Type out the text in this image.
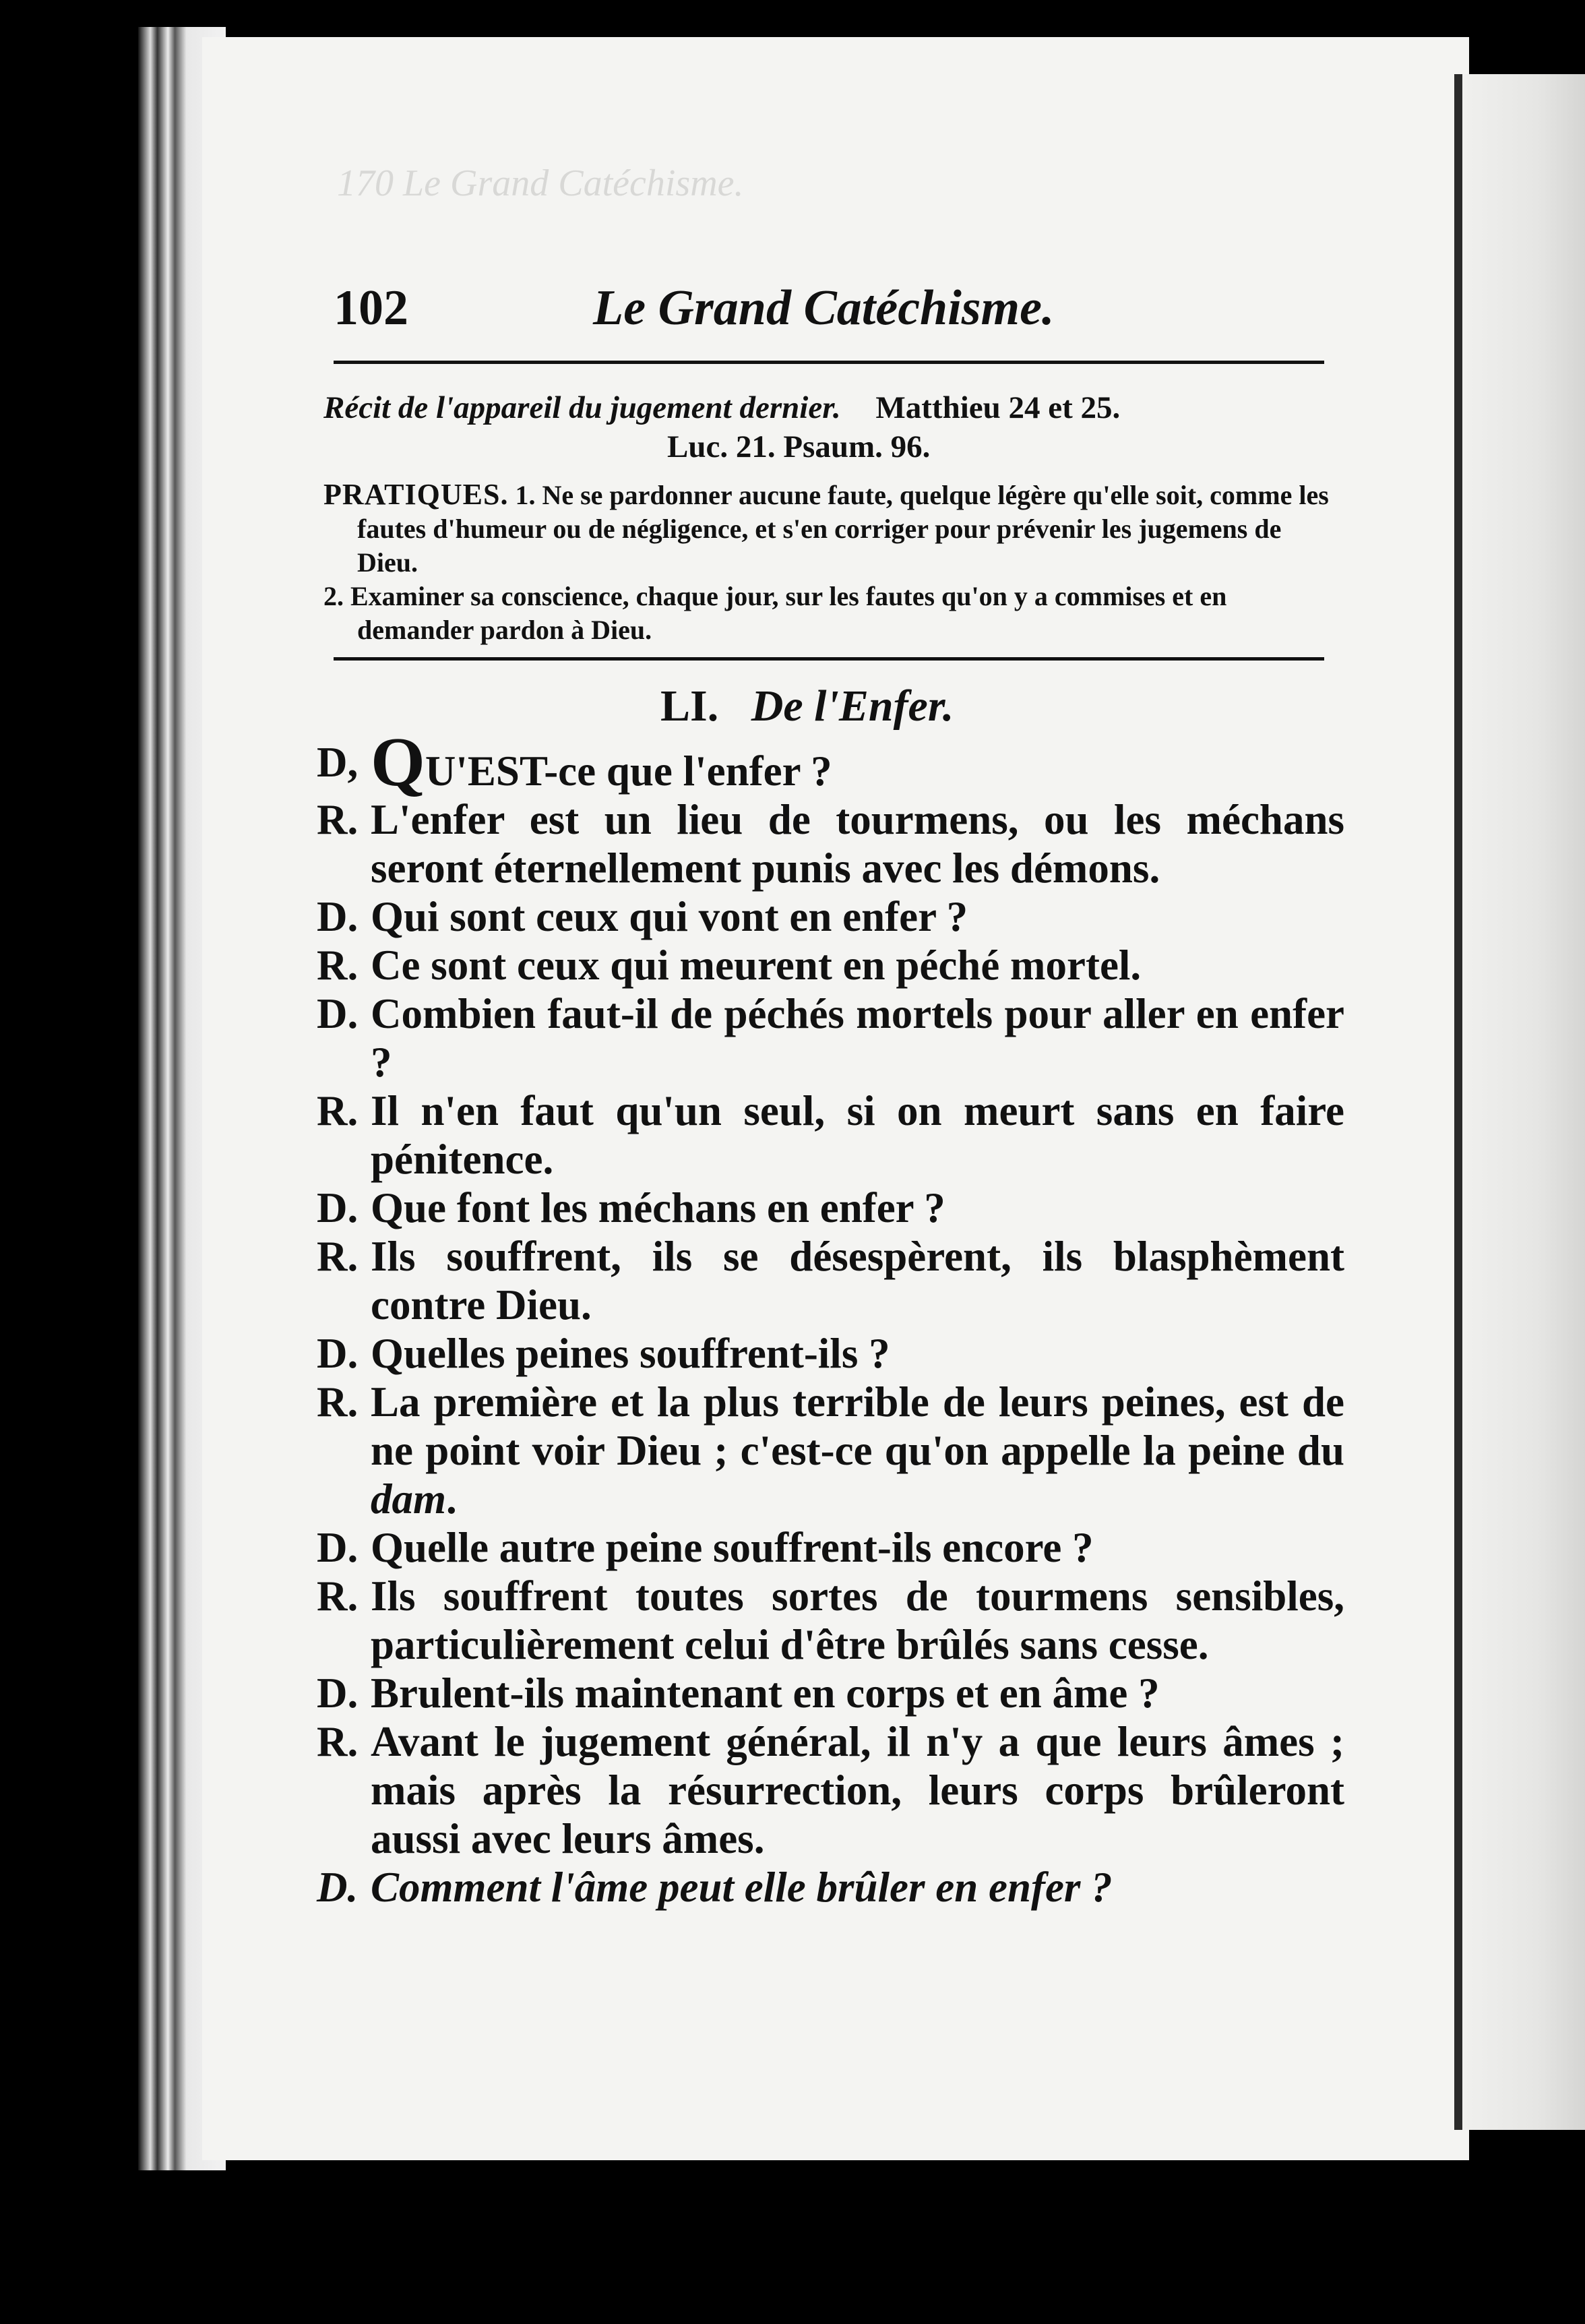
170 Le Grand Catéchisme.
102	Le Grand Catéchisme.
Récit de l'appareil du jugement dernier. Matthieu 24 et 25.
Luc. 21. Psaum. 96.
PRATIQUES. 1. Ne se pardonner aucune faute, quelque légère qu'elle soit, comme les fautes d'humeur ou de négligence, et s'en corriger pour prévenir les jugemens de Dieu.
2. Examiner sa conscience, chaque jour, sur les fautes qu'on y a commises et en demander pardon à Dieu.
LI. De l'Enfer.
D, QU'EST-ce que l'enfer ?
R. L'enfer est un lieu de tourmens, ou les méchans seront éternellement punis avec les démons.
D. Qui sont ceux qui vont en enfer ?
R. Ce sont ceux qui meurent en péché mortel.
D. Combien faut-il de péchés mortels pour aller en enfer ?
R. Il n'en faut qu'un seul, si on meurt sans en faire pénitence.
D. Que font les méchans en enfer ?
R. Ils souffrent, ils se désespèrent, ils blasphèment contre Dieu.
D. Quelles peines souffrent-ils ?
R. La première et la plus terrible de leurs peines, est de ne point voir Dieu ; c'est-ce qu'on appelle la peine du dam.
D. Quelle autre peine souffrent-ils encore ?
R. Ils souffrent toutes sortes de tourmens sensibles, particulièrement celui d'être brûlés sans cesse.
D. Brulent-ils maintenant en corps et en âme ?
R. Avant le jugement général, il n'y a que leurs âmes ; mais après la résurrection, leurs corps brûleront aussi avec leurs âmes.
D. Comment l'âme peut elle brûler en enfer ?
